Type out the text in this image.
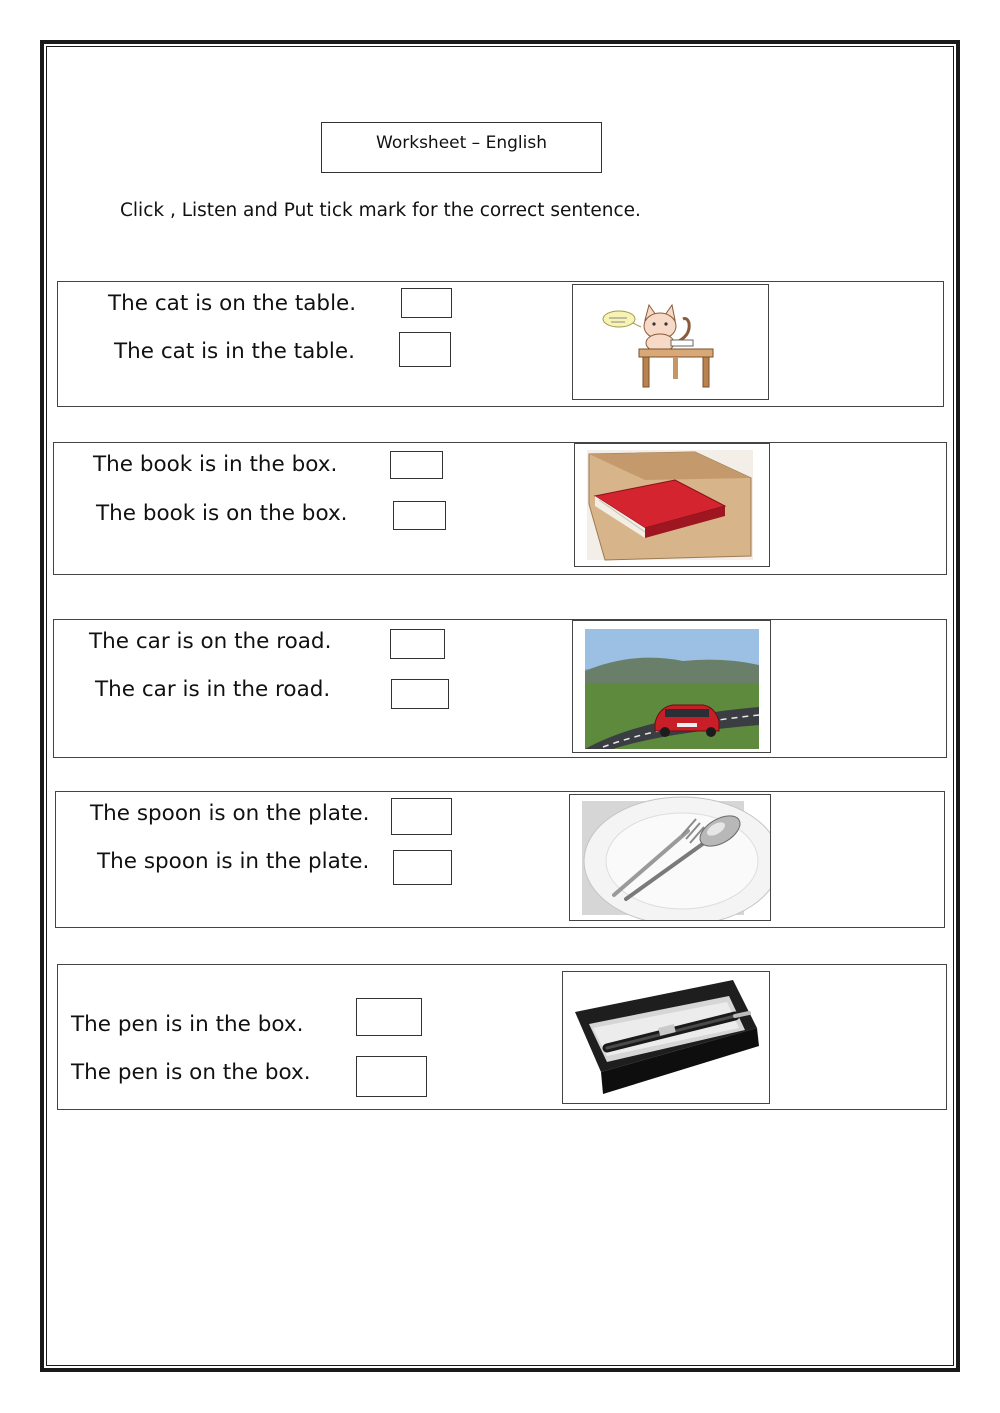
Worksheet – English
Click , Listen and Put tick mark for the correct sentence.
The cat is on the table.
The cat is in the table.
The book is in the box.
The book is on the box.
The car is on the road.
The car is in the road.
The spoon is on the plate.
The spoon is in the plate.
The pen is in the box.
The pen is on the box.
